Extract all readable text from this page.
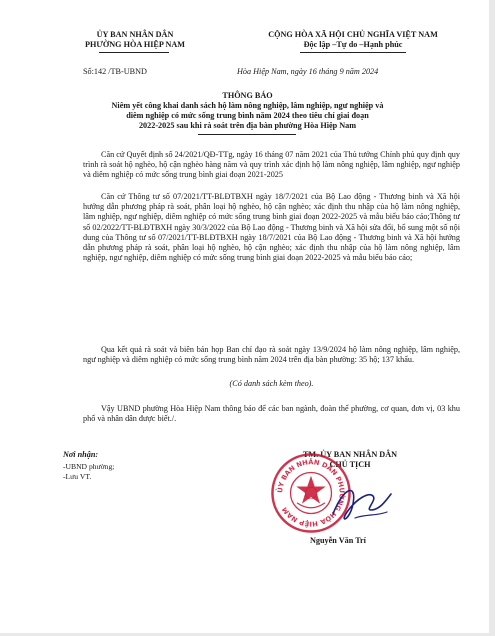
ỦY BAN NHÂN DÂN
PHƯỜNG HÒA HIỆP NAM
CỘNG HÒA XÃ HỘI CHỦ NGHĨA VIỆT NAM
Độc lập –Tự do –Hạnh phúc
Số:142 /TB-UBND	Hòa Hiệp Nam, ngày 16 tháng 9 năm 2024
THÔNG BÁO
Niêm yết công khai danh sách hộ làm nông nghiệp, lâm nghiệp, ngư nghiệp và
diêm nghiệp có mức sống trung bình năm 2024 theo tiêu chí giai đoạn
2022-2025 sau khi rà soát trên địa bàn phường Hòa Hiệp Nam
Căn cứ Quyết định số 24/2021/QĐ-TTg, ngày 16 tháng 07 năm 2021 của Thủ tướng Chính phủ quy định quy trình rà soát hộ nghèo, hộ cận nghèo hàng năm và quy trình xác định hộ làm nông nghiệp, lâm nghiệp, ngư nghiệp và diêm nghiệp có mức sống trung bình giai đoạn 2021-2025
Căn cứ Thông tư số 07/2021/TT-BLĐTBXH ngày 18/7/2021 của Bộ Lao động - Thương binh và Xã hội hướng dẫn phương pháp rà soát, phân loại hộ nghèo, hộ cận nghèo; xác định thu nhập của hộ làm nông nghiệp, lâm nghiệp, ngư nghiệp, diêm nghiệp có mức sống trung bình giai đoạn 2022-2025 và mẫu biểu báo cáo;Thông tư số 02/2022/TT-BLĐTBXH ngày 30/3/2022 của Bộ Lao động - Thương binh và Xã hội sửa đổi, bổ sung một số nội dung của Thông tư số 07/2021/TT-BLĐTBXH ngày 18/7/2021 của Bộ Lao động - Thương binh và Xã hội hướng dẫn phương pháp rà soát, phân loại hộ nghèo, hộ cận nghèo; xác định thu nhập của hộ làm nông nghiệp, lâm nghiệp, ngư nghiệp, diêm nghiệp có mức sống trung bình giai đoạn 2022-2025 và mẫu biểu báo cáo;
Qua kết quả rà soát và biên bản họp Ban chỉ đạo rà soát ngày 13/9/2024 hộ làm nông nghiệp, lâm nghiệp, ngư nghiệp và diêm nghiệp có mức sống trung bình năm 2024 trên địa bàn phường: 35 hộ; 137 khẩu.
(Có danh sách kèm theo).
Vậy UBND phường Hòa Hiệp Nam thông báo để các ban ngành, đoàn thể phường, cơ quan, đơn vị, 03 khu phố và nhân dân được biết./.
Nơi nhận:
-UBND phường;
-Lưu VT.
TM. ỦY BAN NHÂN DÂN
CHỦ TỊCH
ỦY BAN NHÂN DÂN PHƯỜNG HÒA HIỆP NAM
Nguyễn Văn Trí
